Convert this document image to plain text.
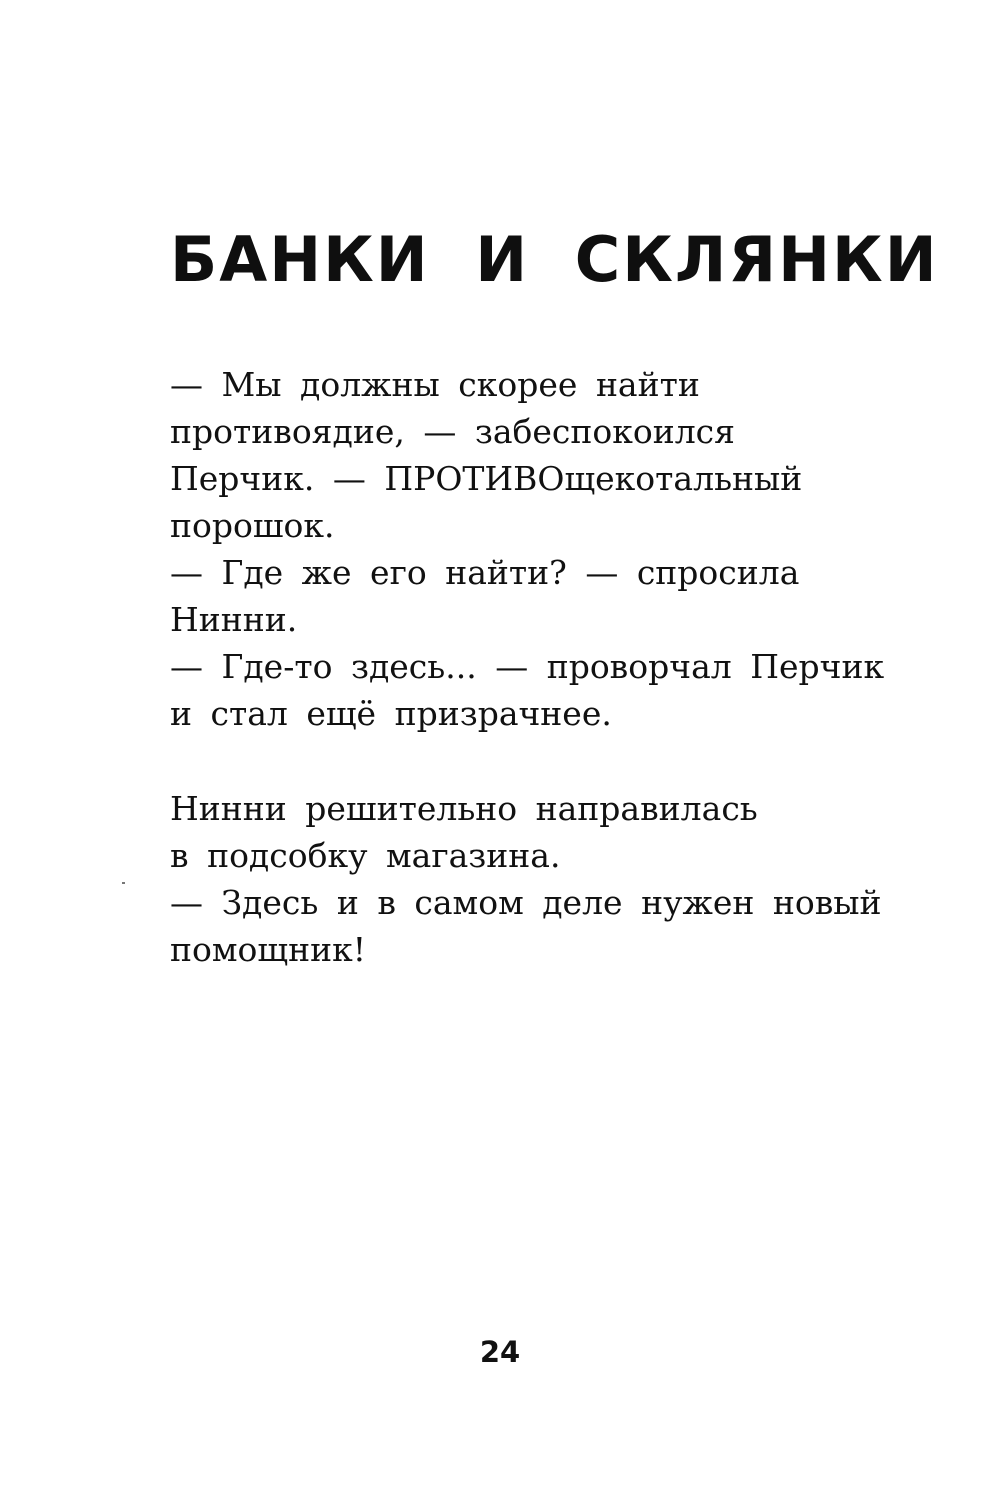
БАНКИ И СКЛЯНКИ

— Мы должны скорее найти

противоядие, — забеспокоился

Перчик. — ПРОТИВОщекотальный

порошок.

— Где же его найти? — спросила

Нинни.

— Где-то здесь... — проворчал Перчик

и стал ещё призрачнее.

Нинни решительно направилась

в подсобку магазина.

— Здесь и в самом деле нужен новый

помощник!

24
